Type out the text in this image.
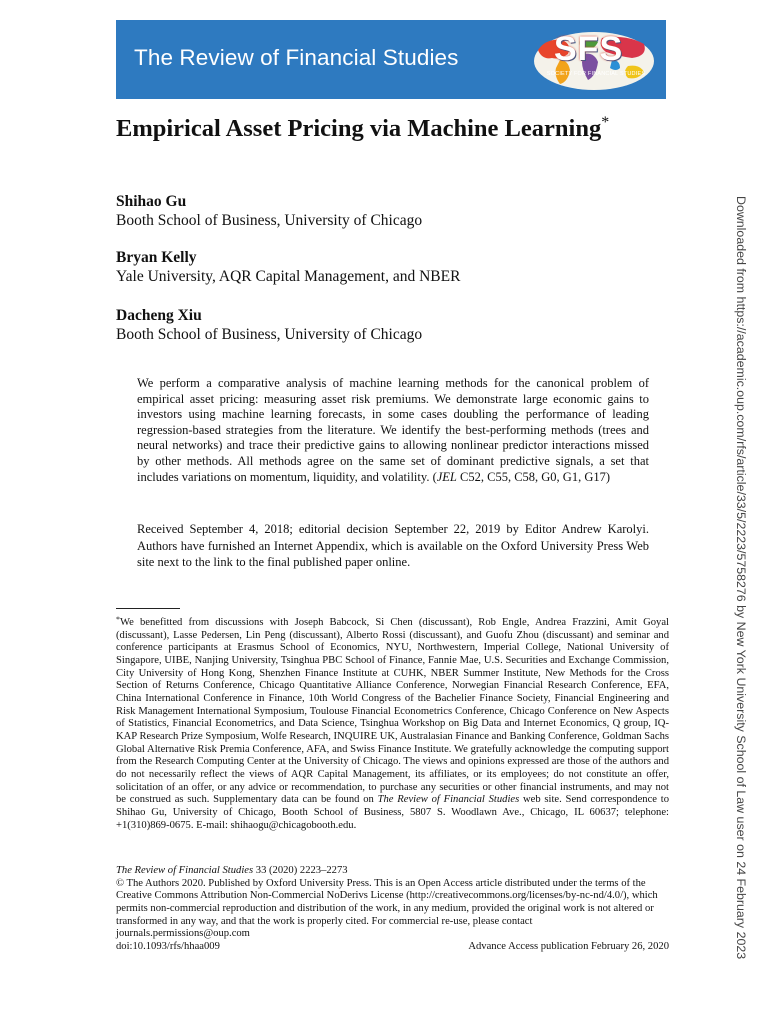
The Review of Financial Studies	SFS
SOCIETY FOR FINANCIAL STUDIES
Empirical Asset Pricing via Machine Learning*
Shihao Gu
Booth School of Business, University of Chicago
Bryan Kelly
Yale University, AQR Capital Management, and NBER
Dacheng Xiu
Booth School of Business, University of Chicago

We perform a comparative analysis of machine learning methods for the canonical problem of empirical asset pricing: measuring asset risk premiums. We demonstrate large economic gains to investors using machine learning forecasts, in some cases doubling the performance of leading regression-based strategies from the literature. We identify the best-performing methods (trees and neural networks) and trace their predictive gains to allowing nonlinear predictor interactions missed by other methods. All methods agree on the same set of dominant predictive signals, a set that includes variations on momentum, liquidity, and volatility. (JEL C52, C55, C58, G0, G1, G17)

Received September 4, 2018; editorial decision September 22, 2019 by Editor Andrew Karolyi. Authors have furnished an Internet Appendix, which is available on the Oxford University Press Web site next to the link to the final published paper online.

*We benefitted from discussions with Joseph Babcock, Si Chen (discussant), Rob Engle, Andrea Frazzini, Amit Goyal (discussant), Lasse Pedersen, Lin Peng (discussant), Alberto Rossi (discussant), and Guofu Zhou (discussant) and seminar and conference participants at Erasmus School of Economics, NYU, Northwestern, Imperial College, National University of Singapore, UIBE, Nanjing University, Tsinghua PBC School of Finance, Fannie Mae, U.S. Securities and Exchange Commission, City University of Hong Kong, Shenzhen Finance Institute at CUHK, NBER Summer Institute, New Methods for the Cross Section of Returns Conference, Chicago Quantitative Alliance Conference, Norwegian Financial Research Conference, EFA, China International Conference in Finance, 10th World Congress of the Bachelier Finance Society, Financial Engineering and Risk Management International Symposium, Toulouse Financial Econometrics Conference, Chicago Conference on New Aspects of Statistics, Financial Econometrics, and Data Science, Tsinghua Workshop on Big Data and Internet Economics, Q group, IQ-KAP Research Prize Symposium, Wolfe Research, INQUIRE UK, Australasian Finance and Banking Conference, Goldman Sachs Global Alternative Risk Premia Conference, AFA, and Swiss Finance Institute. We gratefully acknowledge the computing support from the Research Computing Center at the University of Chicago. The views and opinions expressed are those of the authors and do not necessarily reflect the views of AQR Capital Management, its affiliates, or its employees; do not constitute an offer, solicitation of an offer, or any advice or recommendation, to purchase any securities or other financial instruments, and may not be construed as such. Supplementary data can be found on The Review of Financial Studies web site. Send correspondence to Shihao Gu, University of Chicago, Booth School of Business, 5807 S. Woodlawn Ave., Chicago, IL 60637; telephone: +1(310)869-0675. E-mail: shihaogu@chicagobooth.edu.

The Review of Financial Studies 33 (2020) 2223–2273
© The Authors 2020. Published by Oxford University Press. This is an Open Access article distributed under the terms of the Creative Commons Attribution Non-Commercial NoDerivs License (http://creativecommons.org/licenses/by-nc-nd/4.0/), which permits non-commercial reproduction and distribution of the work, in any medium, provided the original work is not altered or transformed in any way, and that the work is properly cited. For commercial re-use, please contact journals.permissions@oup.com
doi:10.1093/rfs/hhaa009	Advance Access publication February 26, 2020	Downloaded from https://academic.oup.com/rfs/article/33/5/2223/5758276 by New York University School of Law user on 24 February 2023
